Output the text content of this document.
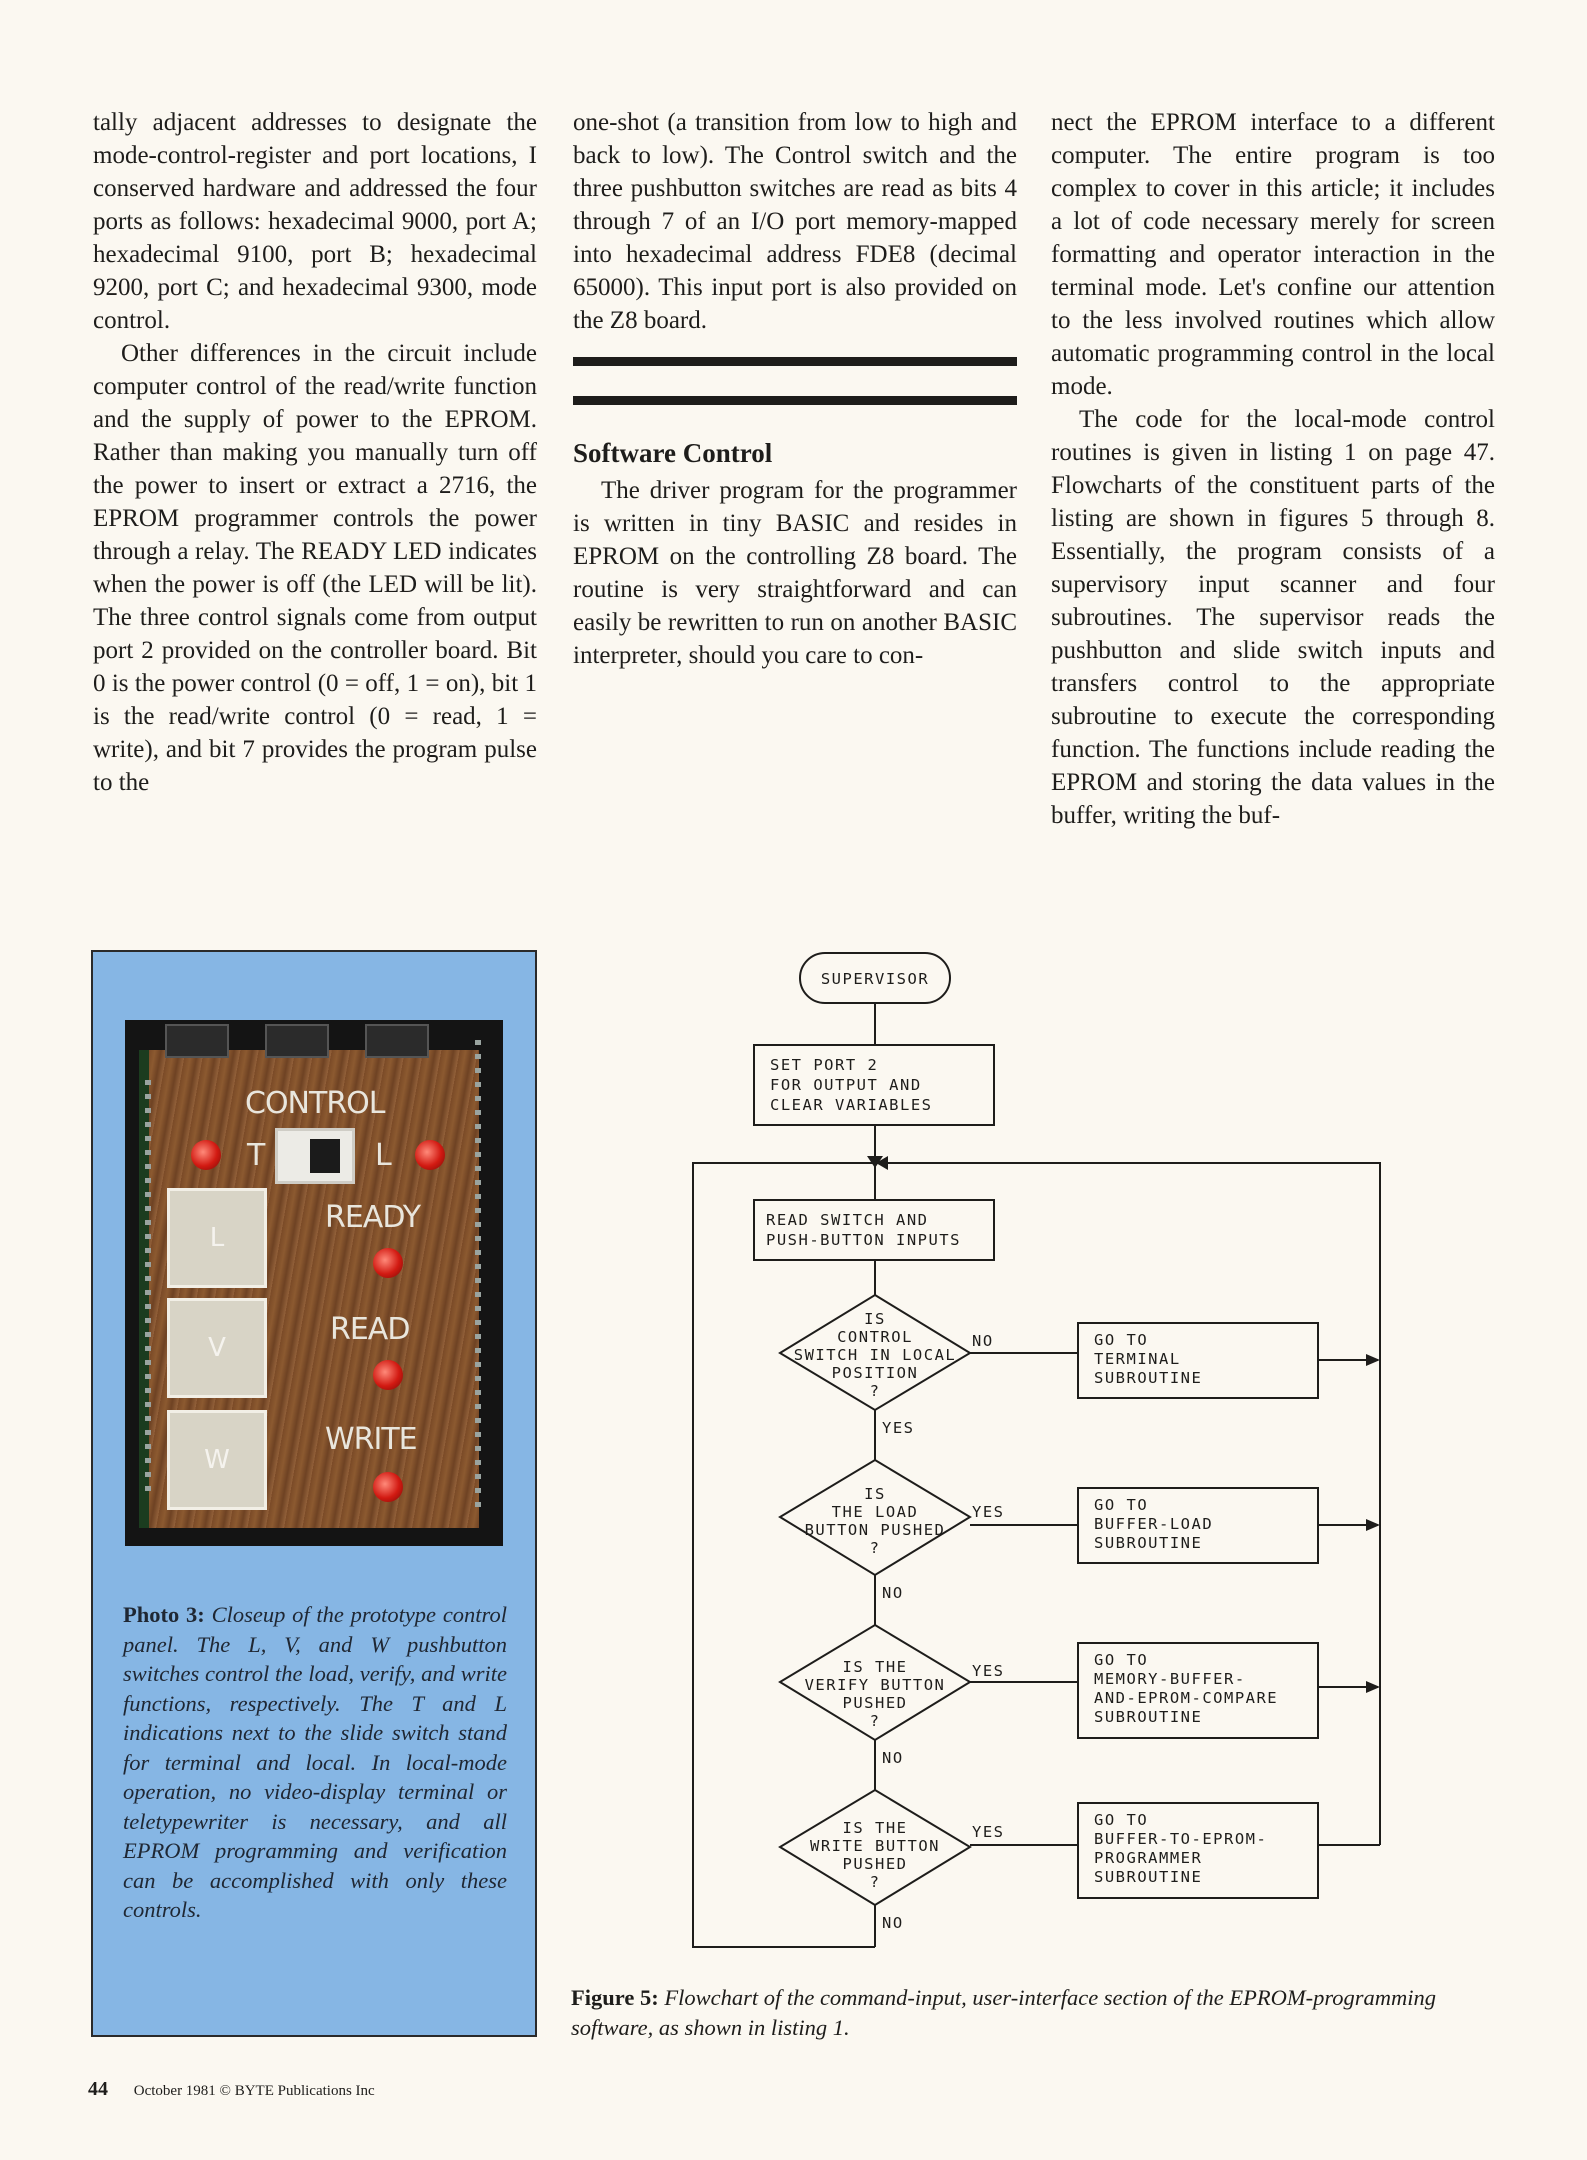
tally adjacent addresses to designate the mode-control-register and port locations, I conserved hardware and addressed the four ports as follows: hexadecimal 9000, port A; hexadecimal 9100, port B; hexadecimal 9200, port C; and hexadecimal 9300, mode control.

Other differences in the circuit include computer control of the read/write function and the supply of power to the EPROM. Rather than making you manually turn off the power to insert or extract a 2716, the EPROM programmer controls the power through a relay. The READY LED indicates when the power is off (the LED will be lit). The three control signals come from output port 2 provided on the controller board. Bit 0 is the power control (0 = off, 1 = on), bit 1 is the read/write control (0 = read, 1 = write), and bit 7 provides the program pulse to the

one-shot (a transition from low to high and back to low). The Control switch and the three pushbutton switches are read as bits 4 through 7 of an I/O port memory-mapped into hexadecimal address FDE8 (decimal 65000). This input port is also provided on the Z8 board.

Software Control

The driver program for the programmer is written in tiny BASIC and resides in EPROM on the controlling Z8 board. The routine is very straightforward and can easily be rewritten to run on another BASIC interpreter, should you care to con-

nect the EPROM interface to a different computer. The entire program is too complex to cover in this article; it includes a lot of code necessary merely for screen formatting and operator interaction in the terminal mode. Let's confine our attention to the less involved routines which allow automatic programming control in the local mode.

The code for the local-mode control routines is given in listing 1 on page 47. Flowcharts of the constituent parts of the listing are shown in figures 5 through 8. Essentially, the program consists of a supervisory input scanner and four subroutines. The supervisor reads the pushbutton and slide switch inputs and transfers control to the appropriate subroutine to execute the corresponding function. The functions include reading the EPROM and storing the data values in the buffer, writing the buf-

CONTROL
T	L
L
READY
V
READ
W
WRITE
Photo 3: Closeup of the prototype control panel. The L, V, and W pushbutton switches control the load, verify, and write functions, respectively. The T and L indications next to the slide switch stand for terminal and local. In local-mode operation, no video-display terminal or teletypewriter is necessary, and all EPROM programming and verification can be accomplished with only these controls.
SUPERVISOR
SET PORT 2
FOR OUTPUT AND
CLEAR VARIABLES
READ SWITCH AND
PUSH-BUTTON INPUTS
IS
CONTROL
SWITCH IN LOCAL
POSITION
?
NO	GO TO
TERMINAL
SUBROUTINE
YES
IS
THE LOAD
BUTTON PUSHED
?
YES	GO TO
BUFFER-LOAD
SUBROUTINE
NO
IS THE
VERIFY BUTTON
PUSHED
?
YES
GO TO
MEMORY-BUFFER-
AND-EPROM-COMPARE
SUBROUTINE
NO
IS THE
WRITE BUTTON
PUSHED
?
YES
GO TO
BUFFER-TO-EPROM-
PROGRAMMER
SUBROUTINE
NO
Figure 5: Flowchart of the command-input, user-interface section of the EPROM-programming software, as shown in listing 1.
44 October 1981 © BYTE Publications Inc
